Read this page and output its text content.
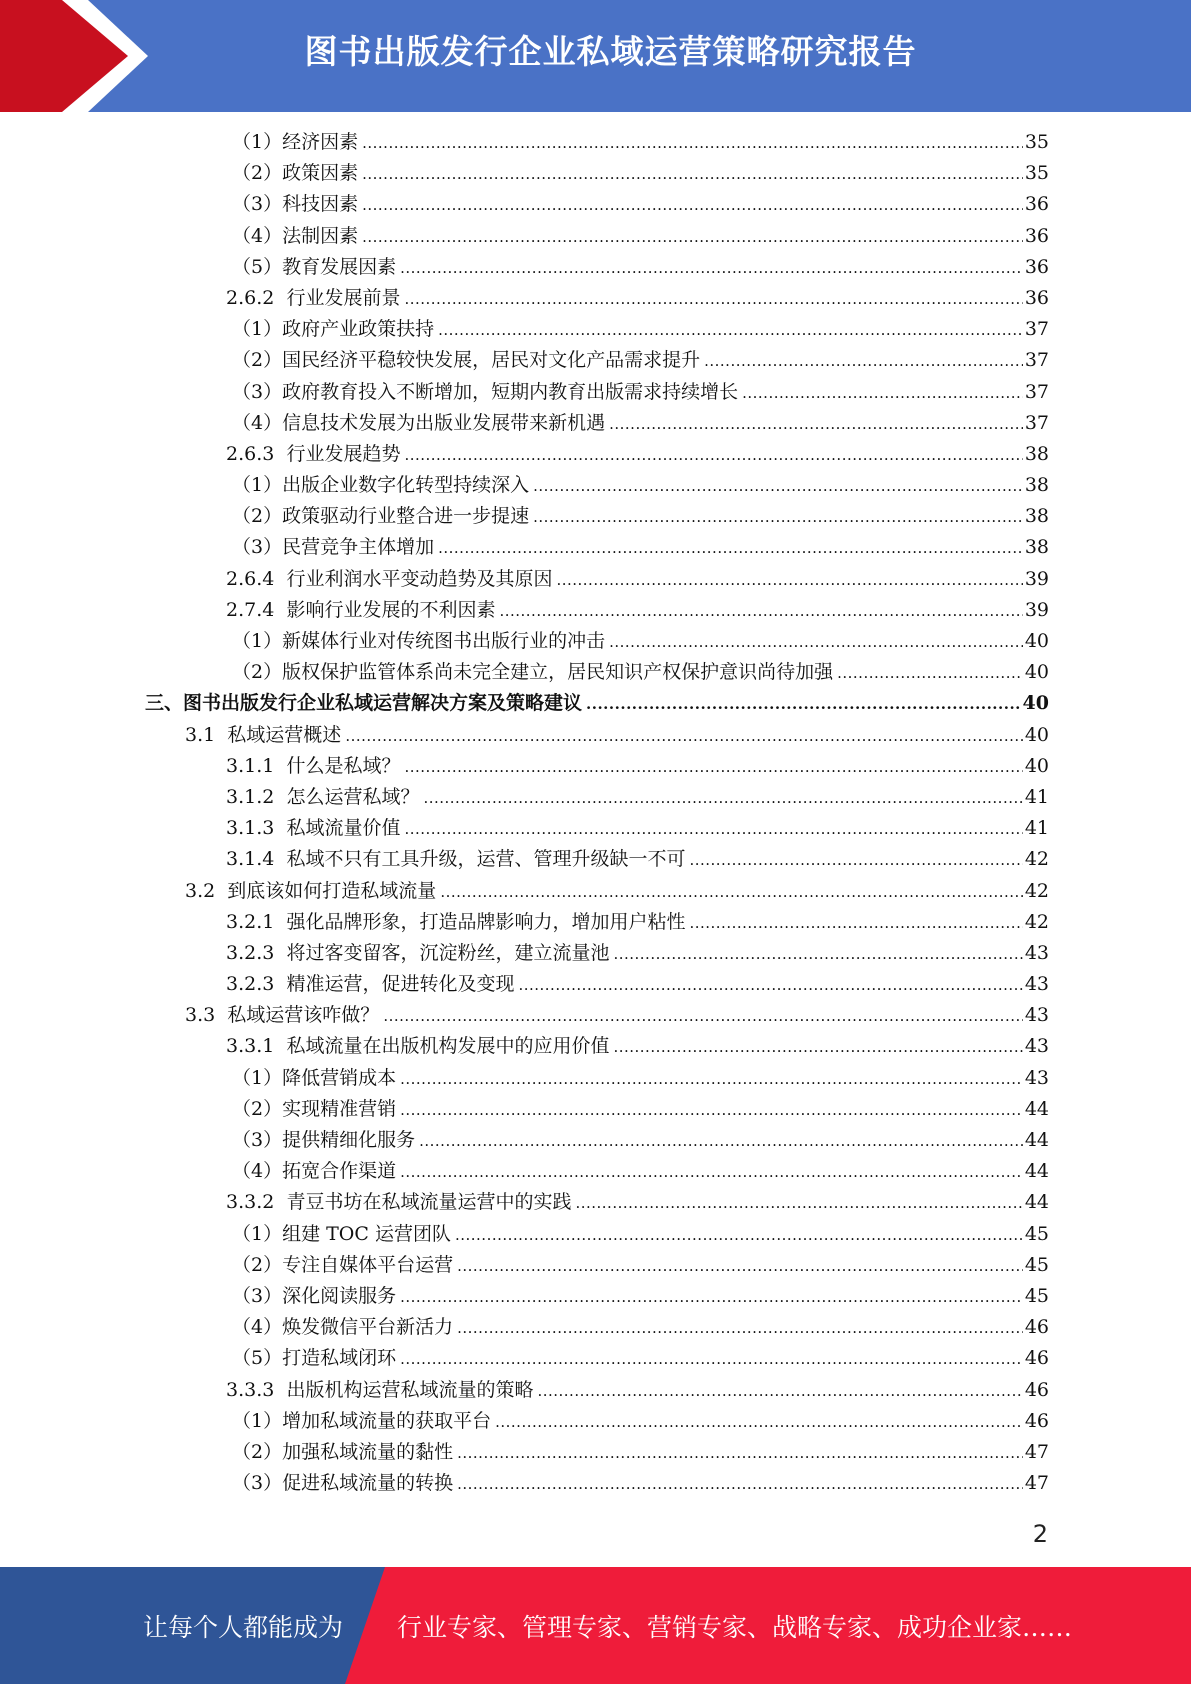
图书出版发行企业私域运营策略研究报告
（1） 经济因素 .....	35
（2） 政策因素 .....	35
（3） 科技因素 .....	36
（4） 法制因素 .....	36
（5） 教育发展因素 .....	36
2.6.2 行业发展前景 .....	36
（1） 政府产业政策扶持 .....	37
（2） 国民经济平稳较快发展，居民对文化产品需求提升 .....	37
（3） 政府教育投入不断增加，短期内教育出版需求持续增长 .....	37
（4） 信息技术发展为出版业发展带来新机遇 .....	37
2.6.3 行业发展趋势 .....	38
（1） 出版企业数字化转型持续深入 .....	38
（2） 政策驱动行业整合进一步提速 .....	38
（3） 民营竞争主体增加 .....	38
2.6.4 行业利润水平变动趋势及其原因 .....	39
2.7.4 影响行业发展的不利因素 .....	39
（1） 新媒体行业对传统图书出版行业的冲击 .....	40
（2） 版权保护监管体系尚未完全建立，居民知识产权保护意识尚待加强 .....	40
三、图书出版发行企业私域运营解决方案及策略建议 .....	40
3.1 私域运营概述 .....	40
3.1.1 什么是私域？ .....	40
3.1.2 怎么运营私域？ .....	41
3.1.3 私域流量价值 .....	41
3.1.4 私域不只有工具升级，运营、管理升级缺一不可 .....	42
3.2 到底该如何打造私域流量 .....	42
3.2.1 强化品牌形象，打造品牌影响力，增加用户粘性 .....	42
3.2.3 将过客变留客，沉淀粉丝，建立流量池 .....	43
3.2.3 精准运营，促进转化及变现 .....	43
3.3 私域运营该咋做？ .....	43
3.3.1 私域流量在出版机构发展中的应用价值 .....	43
（1） 降低营销成本 .....	43
（2） 实现精准营销 .....	44
（3） 提供精细化服务 .....	44
（4） 拓宽合作渠道 .....	44
3.3.2 青豆书坊在私域流量运营中的实践 .....	44
（1） 组建 TOC 运营团队 .....	45
（2） 专注自媒体平台运营 .....	45
（3） 深化阅读服务 .....	45
（4） 焕发微信平台新活力 .....	46
（5） 打造私域闭环 .....	46
3.3.3 出版机构运营私域流量的策略 .....	46
（1） 增加私域流量的获取平台 .....	46
（2） 加强私域流量的黏性 .....	47
（3） 促进私域流量的转换 .....	47
2
让每个人都能成为 行业专家、管理专家、营销专家、战略专家、成功企业家……
